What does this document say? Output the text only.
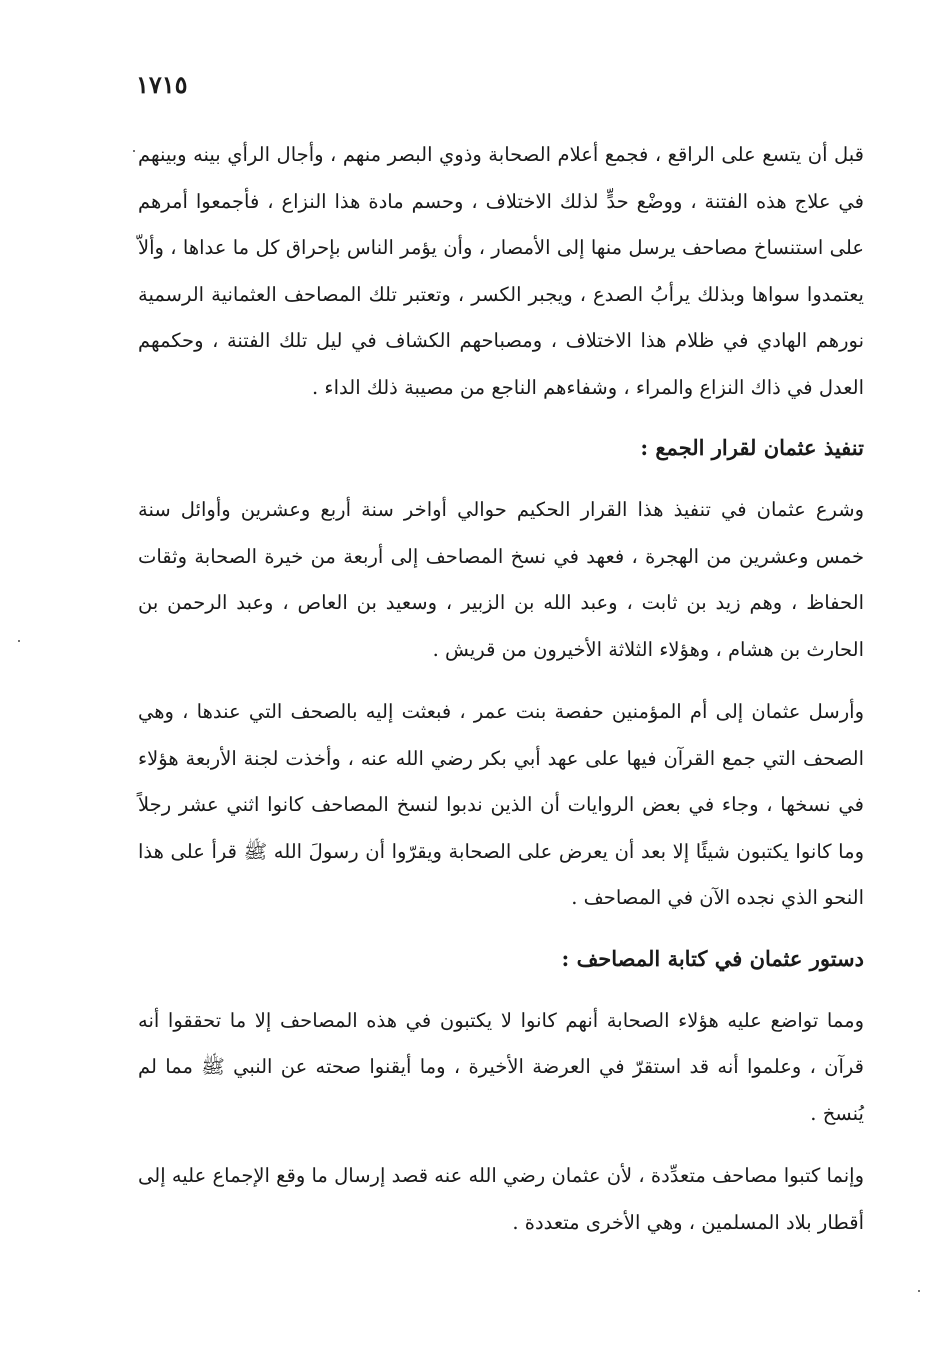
١٧١٥

قبل أن يتسع على الراقع ، فجمع أعلام الصحابة وذوي البصر منهم ، وأجال الرأي بينه وبينهم في علاج هذه الفتنة ، ووضْع حدٍّ لذلك الاختلاف ، وحسم مادة هذا النزاع ، فأجمعوا أمرهم على استنساخ مصاحف يرسل منها إلى الأمصار ، وأن يؤمر الناس بإحراق كل ما عداها ، وألاّ يعتمدوا سواها وبذلك يرأبُ الصدع ، ويجبر الكسر ، وتعتبر تلك المصاحف العثمانية الرسمية نورهم الهادي في ظلام هذا الاختلاف ، ومصباحهم الكشاف في ليل تلك الفتنة ، وحكمهم العدل في ذاك النزاع والمراء ، وشفاءهم الناجع من مصيبة ذلك الداء .

تنفيذ عثمان لقرار الجمع :

وشرع عثمان في تنفيذ هذا القرار الحكيم حوالي أواخر سنة أربع وعشرين وأوائل سنة خمس وعشرين من الهجرة ، فعهد في نسخ المصاحف إلى أربعة من خيرة الصحابة وثقات الحفاظ ، وهم زيد بن ثابت ، وعبد الله بن الزبير ، وسعيد بن العاص ، وعبد الرحمن بن الحارث بن هشام ، وهؤلاء الثلاثة الأخيرون من قريش .

وأرسل عثمان إلى أم المؤمنين حفصة بنت عمر ، فبعثت إليه بالصحف التي عندها ، وهي الصحف التي جمع القرآن فيها على عهد أبي بكر رضي الله عنه ، وأخذت لجنة الأربعة هؤلاء في نسخها ، وجاء في بعض الروايات أن الذين ندبوا لنسخ المصاحف كانوا اثني عشر رجلاً وما كانوا يكتبون شيئًا إلا بعد أن يعرض على الصحابة ويقرّوا أن رسولَ الله ﷺ قرأ على هذا النحو الذي نجده الآن في المصاحف .

دستور عثمان في كتابة المصاحف :

ومما تواضع عليه هؤلاء الصحابة أنهم كانوا لا يكتبون في هذه المصاحف إلا ما تحققوا أنه قرآن ، وعلموا أنه قد استقرّ في العرضة الأخيرة ، وما أيقنوا صحته عن النبي ﷺ مما لم يُنسخ .

وإنما كتبوا مصاحف متعدِّدة ، لأن عثمان رضي الله عنه قصد إرسال ما وقع الإجماع عليه إلى أقطار بلاد المسلمين ، وهي الأخرى متعددة .
